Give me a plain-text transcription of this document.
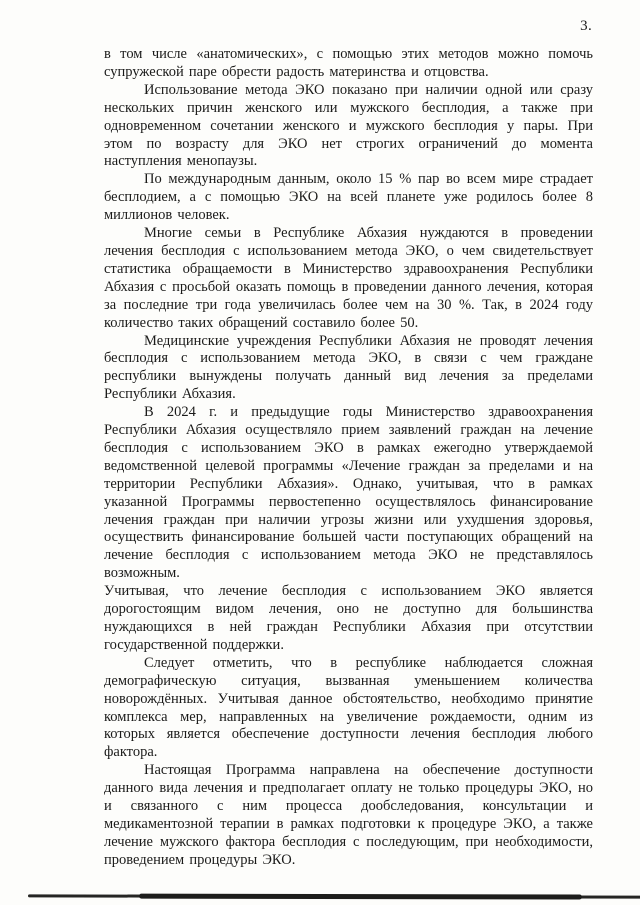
3.

в том числе «анатомических», с помощью этих методов можно помочь супружеской паре обрести радость материнства и отцовства.

Использование метода ЭКО показано при наличии одной или сразу нескольких причин женского или мужского бесплодия, а также при одновременном сочетании женского и мужского бесплодия у пары. При этом по возрасту для ЭКО нет строгих ограничений до момента наступления менопаузы.

По международным данным, около 15 % пар во всем мире страдает бесплодием, а с помощью ЭКО на всей планете уже родилось более 8 миллионов человек.

Многие семьи в Республике Абхазия нуждаются в проведении лечения бесплодия с использованием метода ЭКО, о чем свидетельствует статистика обращаемости в Министерство здравоохранения Республики Абхазия с просьбой оказать помощь в проведении данного лечения, которая за последние три года увеличилась более чем на 30 %. Так, в 2024 году количество таких обращений составило более 50.

Медицинские учреждения Республики Абхазия не проводят лечения бесплодия с использованием метода ЭКО, в связи с чем граждане республики вынуждены получать данный вид лечения за пределами Республики Абхазия.

В 2024 г. и предыдущие годы Министерство здравоохранения Республики Абхазия осуществляло прием заявлений граждан на лечение бесплодия с использованием ЭКО в рамках ежегодно утверждаемой ведомственной целевой программы «Лечение граждан за пределами и на территории Республики Абхазия». Однако, учитывая, что в рамках указанной Программы первостепенно осуществлялось финансирование лечения граждан при наличии угрозы жизни или ухудшения здоровья, осуществить финансирование большей части поступающих обращений на лечение бесплодия с использованием метода ЭКО не представлялось возможным.

Учитывая, что лечение бесплодия с использованием ЭКО является дорогостоящим видом лечения, оно не доступно для большинства нуждающихся в ней граждан Республики Абхазия при отсутствии государственной поддержки.

Следует отметить, что в республике наблюдается сложная демографическую ситуация, вызванная уменьшением количества новорождённых. Учитывая данное обстоятельство, необходимо принятие комплекса мер, направленных на увеличение рождаемости, одним из которых является обеспечение доступности лечения бесплодия любого фактора.

Настоящая Программа направлена на обеспечение доступности данного вида лечения и предполагает оплату не только процедуры ЭКО, но и связанного с ним процесса дообследования, консультации и медикаментозной терапии в рамках подготовки к процедуре ЭКО, а также лечение мужского фактора бесплодия с последующим, при необходимости, проведением процедуры ЭКО.
